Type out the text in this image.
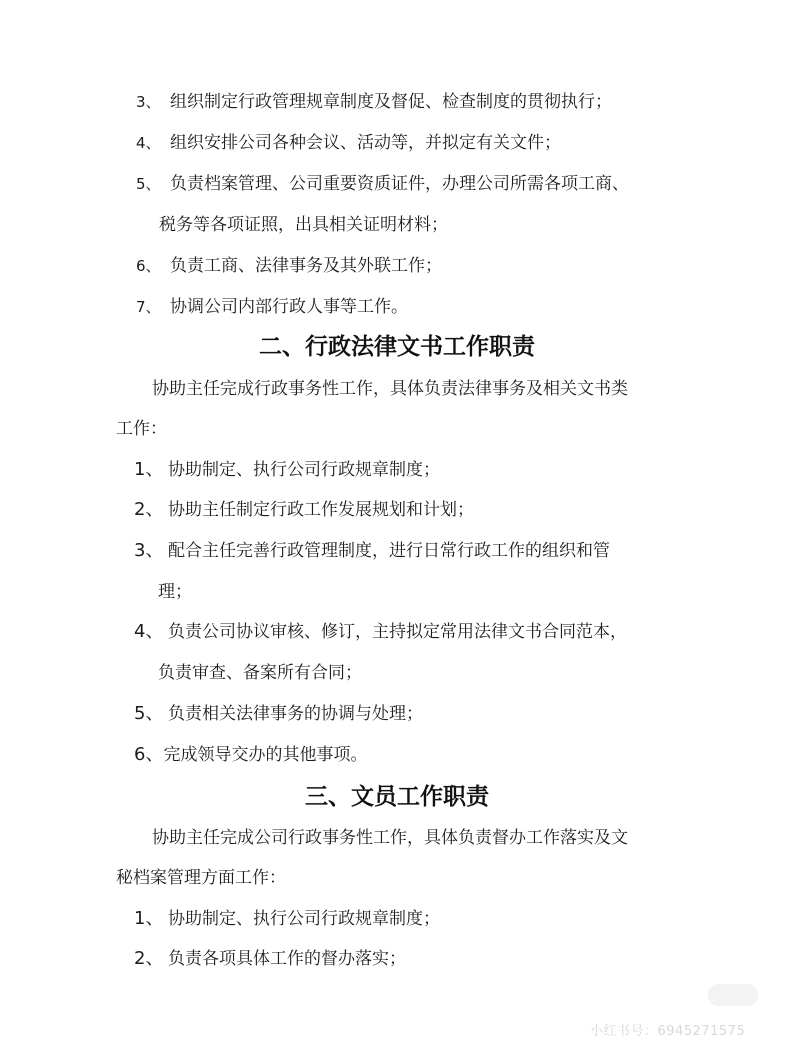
3、 组织制定行政管理规章制度及督促、检查制度的贯彻执行；
4、 组织安排公司各种会议、活动等，并拟定有关文件；
5、 负责档案管理、公司重要资质证件，办理公司所需各项工商、
税务等各项证照，出具相关证明材料；
6、 负责工商、法律事务及其外联工作；
7、 协调公司内部行政人事等工作。
二、行政法律文书工作职责
协助主任完成行政事务性工作，具体负责法律事务及相关文书类
工作：
1、 协助制定、执行公司行政规章制度；
2、 协助主任制定行政工作发展规划和计划；
3、 配合主任完善行政管理制度，进行日常行政工作的组织和管
理；
4、 负责公司协议审核、修订，主持拟定常用法律文书合同范本，
负责审查、备案所有合同；
5、 负责相关法律事务的协调与处理；
6、完成领导交办的其他事项。
三、文员工作职责
协助主任完成公司行政事务性工作，具体负责督办工作落实及文
秘档案管理方面工作：
1、 协助制定、执行公司行政规章制度；
2、 负责各项具体工作的督办落实；
小红书号：6945271575
